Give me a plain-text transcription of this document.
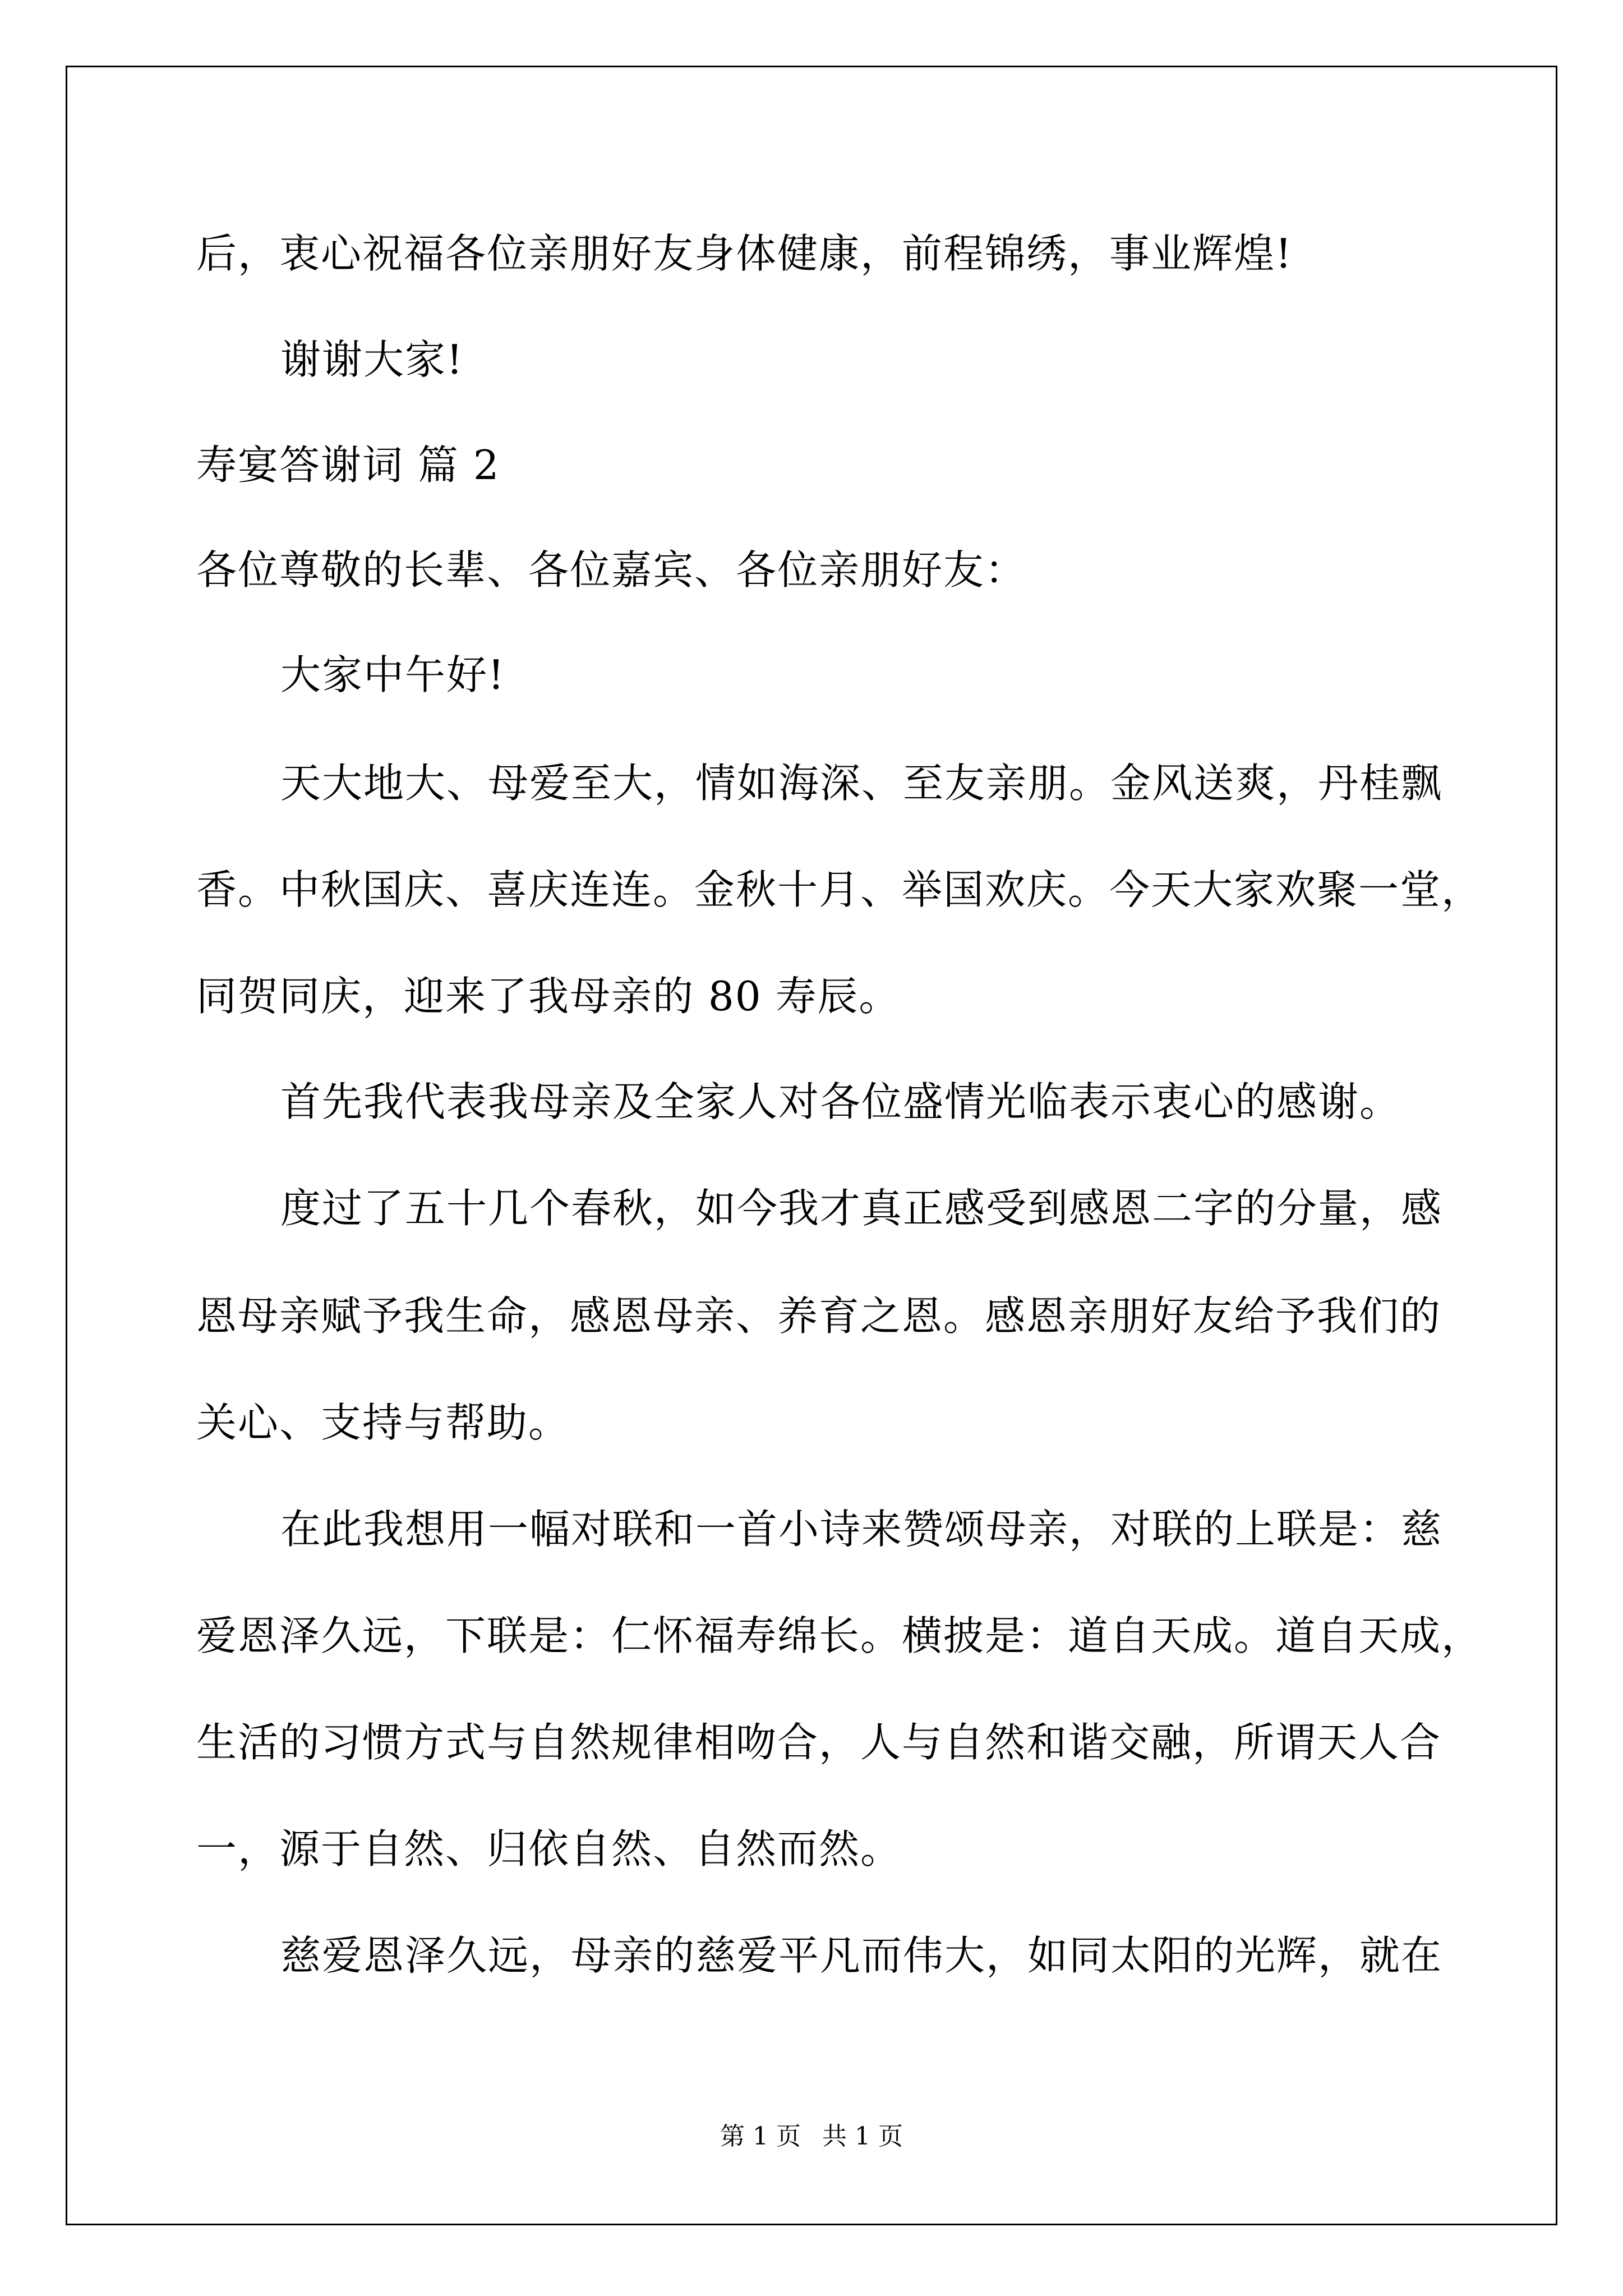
后，衷心祝福各位亲朋好友身体健康，前程锦绣，事业辉煌!
谢谢大家!
寿宴答谢词 篇 2
各位尊敬的长辈、各位嘉宾、各位亲朋好友：
大家中午好!
天大地大、母爱至大，情如海深、至友亲朋。金风送爽，丹桂飘
香。中秋国庆、喜庆连连。金秋十月、举国欢庆。今天大家欢聚一堂，
同贺同庆，迎来了我母亲的 80 寿辰。
首先我代表我母亲及全家人对各位盛情光临表示衷心的感谢。
度过了五十几个春秋，如今我才真正感受到感恩二字的分量，感
恩母亲赋予我生命，感恩母亲、养育之恩。感恩亲朋好友给予我们的
关心、支持与帮助。
在此我想用一幅对联和一首小诗来赞颂母亲，对联的上联是：慈
爱恩泽久远，下联是：仁怀福寿绵长。横披是：道自天成。道自天成，
生活的习惯方式与自然规律相吻合，人与自然和谐交融，所谓天人合
一，源于自然、归依自然、自然而然。
慈爱恩泽久远，母亲的慈爱平凡而伟大，如同太阳的光辉，就在
第 1 页 共 1 页
